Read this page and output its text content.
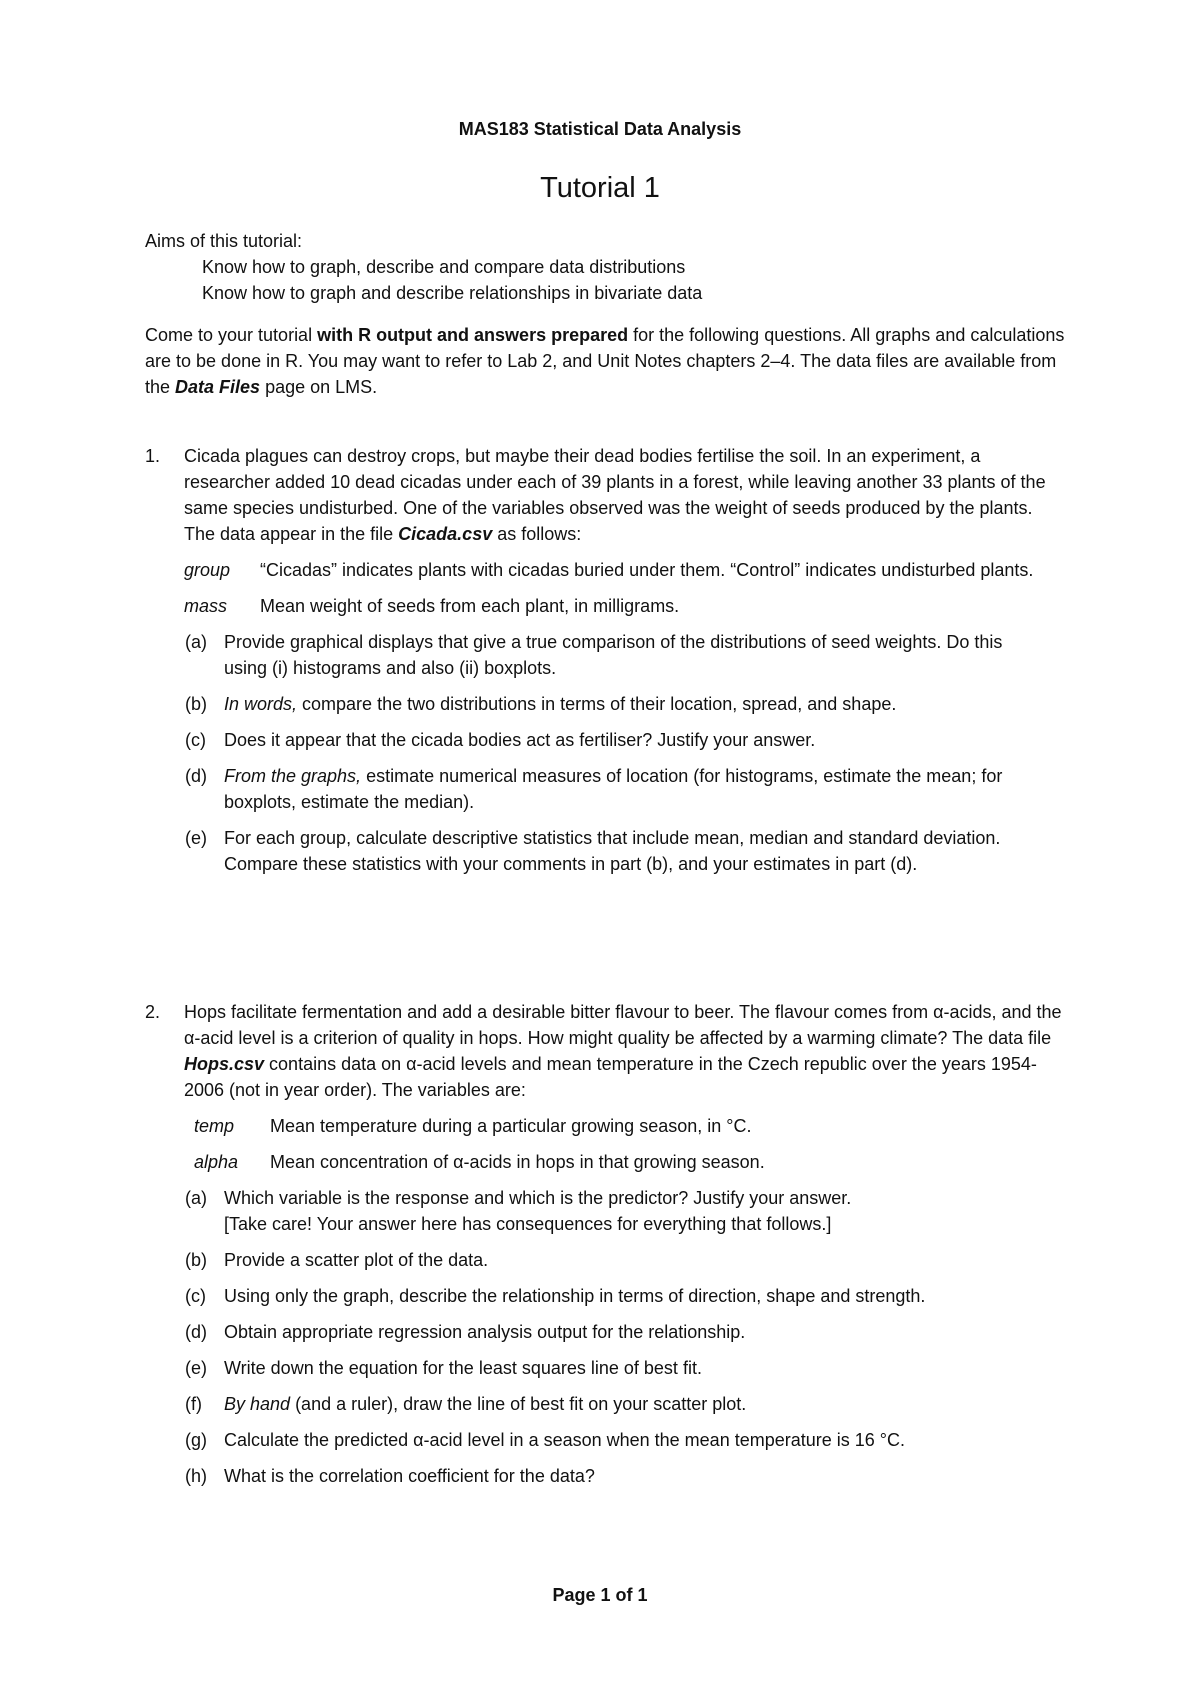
MAS183 Statistical Data Analysis
Tutorial 1
Aims of this tutorial:
Know how to graph, describe and compare data distributions
Know how to graph and describe relationships in bivariate data
Come to your tutorial with R output and answers prepared for the following questions. All graphs and calculations are to be done in R. You may want to refer to Lab 2, and Unit Notes chapters 2–4. The data files are available from the Data Files page on LMS.
1.	Cicada plagues can destroy crops, but maybe their dead bodies fertilise the soil. In an experiment, a researcher added 10 dead cicadas under each of 39 plants in a forest, while leaving another 33 plants of the same species undisturbed. One of the variables observed was the weight of seeds produced by the plants. The data appear in the file Cicada.csv as follows:
group	“Cicadas” indicates plants with cicadas buried under them. “Control” indicates undisturbed plants.
mass	Mean weight of seeds from each plant, in milligrams.
(a) Provide graphical displays that give a true comparison of the distributions of seed weights. Do this using (i) histograms and also (ii) boxplots.
(b) In words, compare the two distributions in terms of their location, spread, and shape.
(c)	Does it appear that the cicada bodies act as fertiliser? Justify your answer.
(d) From the graphs, estimate numerical measures of location (for histograms, estimate the mean; for boxplots, estimate the median).
(e) For each group, calculate descriptive statistics that include mean, median and standard deviation. Compare these statistics with your comments in part (b), and your estimates in part (d).
2.	Hops facilitate fermentation and add a desirable bitter flavour to beer. The flavour comes from α-acids, and the α-acid level is a criterion of quality in hops. How might quality be affected by a warming climate? The data file Hops.csv contains data on α-acid levels and mean temperature in the Czech republic over the years 1954-2006 (not in year order). The variables are:
temp	Mean temperature during a particular growing season, in °C.
alpha	Mean concentration of α-acids in hops in that growing season.
(a) Which variable is the response and which is the predictor? Justify your answer.
[Take care! Your answer here has consequences for everything that follows.]
(b) Provide a scatter plot of the data.
(c)	Using only the graph, describe the relationship in terms of direction, shape and strength.
(d) Obtain appropriate regression analysis output for the relationship.
(e) Write down the equation for the least squares line of best fit.
(f)	By hand (and a ruler), draw the line of best fit on your scatter plot.
(g) Calculate the predicted α-acid level in a season when the mean temperature is 16 °C.
(h) What is the correlation coefficient for the data?
Page 1 of 1
